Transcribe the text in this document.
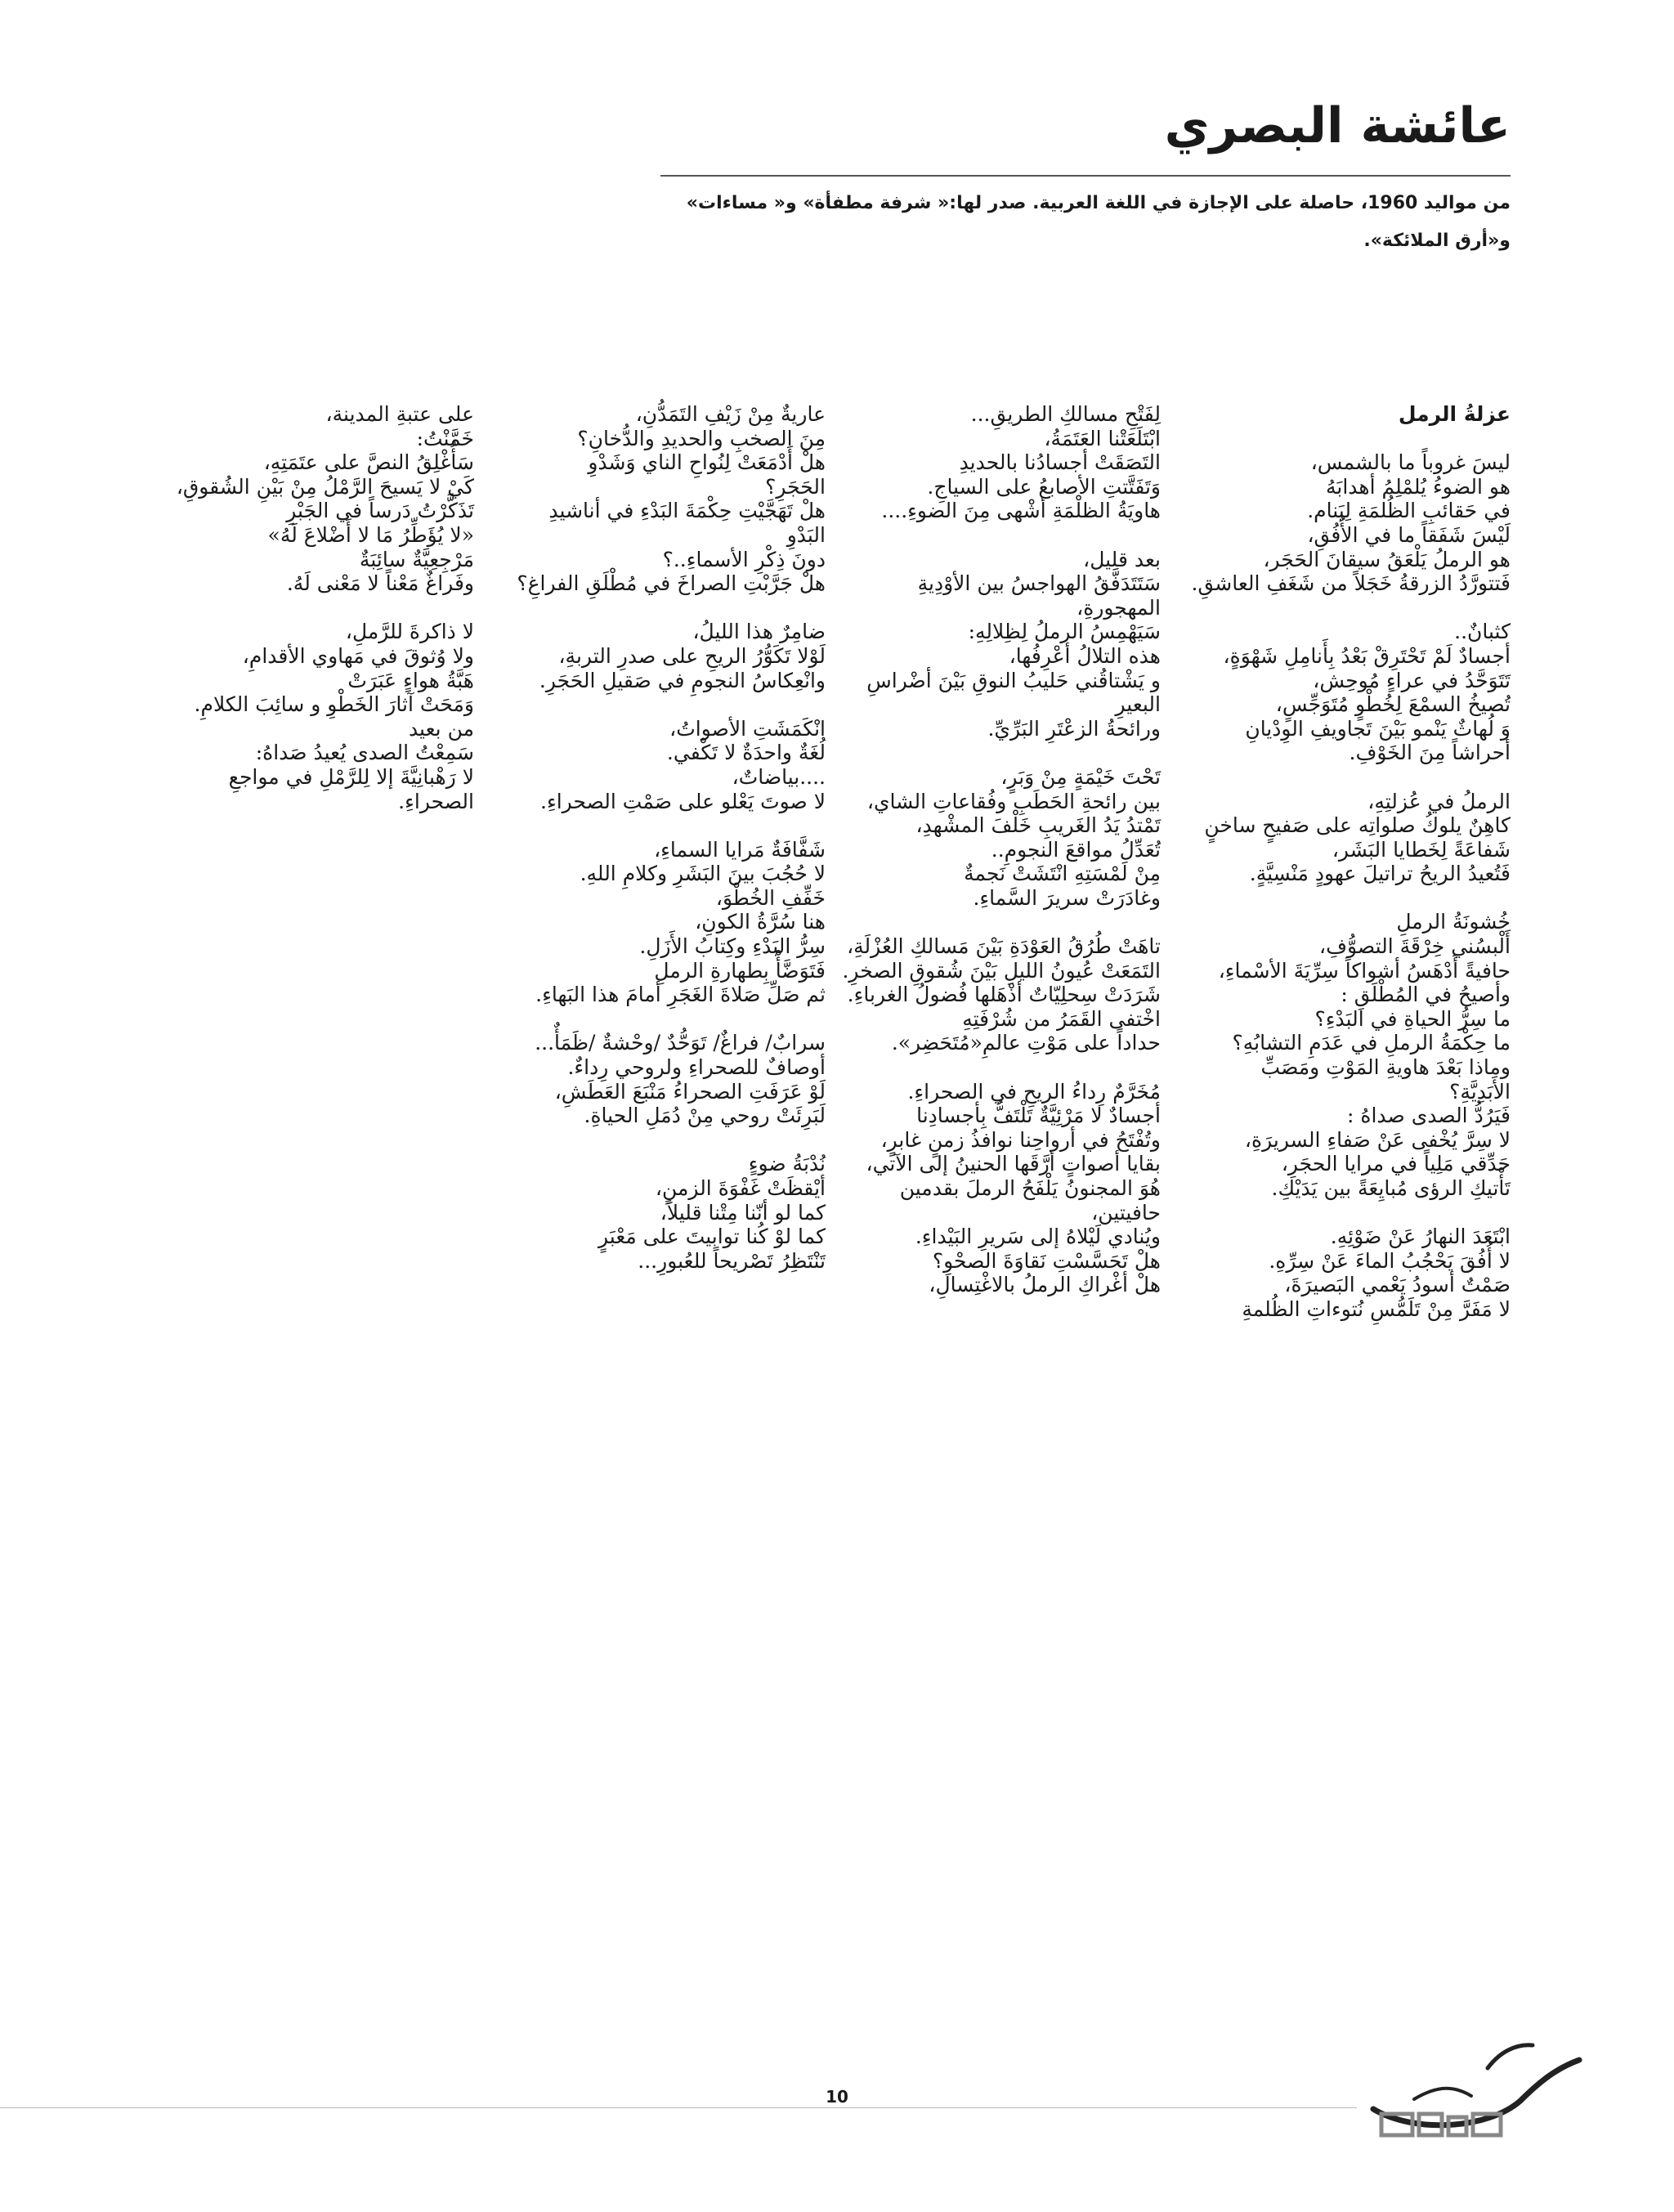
عائشة البصري

من مواليد 1960، حاصلة على الإجازة في اللغة العربية. صدر لها:« شرفة مطفأة» و« مساءات»
و«أرق الملائكة».

عزلةُ الرمل
ليسَ غروباً ما بالشمس،
هو الضوءُ يُلمْلِمُ أهدابَهُ
في حَقائبِ الظُلمَةِ لِيَنام.
لَيْسَ شَفَقاً ما في الأُفُقِ،
هو الرملُ يَلْعَقُ سيقانَ الحَجَر،
فَتتورَّدُ الزرقةُ خَجَلاً من شَغَفِ العاشقِ.
كثبانٌ..
أجسادٌ لَمْ تَحْتَرِقْ بَعْدُ بِأَنامِلِ شَهْوَةٍ،
تَتَوَحَّدُ في عراءٍ مُوحِش،
تُصيخُ السمْعَ لِخُطْوٍ مُتَوَجِّسٍ،
وَ لُهاثٌ يَنْمو بَيْنَ تَجاويفِ الوِدْيانِ
أحراشاً مِنَ الخَوْفِ.
الرملُ في عُزلتِهِ،
كاهِنٌ يلوكُ صلواتِه على صَفيحٍ ساخنٍ
شَفاعَةً لِخَطايا البَشَر،
فَتُعيدُ الريحُ تراتيلَ عهودٍ مَنْسِيَّةٍ.
خُشونَةُ الرملِ
أَلْبسُني خِرْقَةَ التصوُّفِ،
حافيةً أَدْهَسُ أشواكاً سِرِّيَةَ الأسْماءِ،
وأصيحُ في المُطْلَقِ :
ما سِرُّ الحياةِ في البَدْءِ؟
ما حِكْمَةُ الرملِ في عَدَمِ التشابُهِ؟
وماذا بَعْدَ هاويةِ المَوْتِ ومَصَبِّ
الأَبَدِيَّةِ؟
فَيَرُدُّ الصدى صداهُ :
لا سِرَّ يُخْفى عَنْ صَفاءِ السريرَةِ،
حَدِّقي مَلِياً في مرايا الحجَرِ،
تَأْتيكِ الرؤى مُبايِعَةً بين يَدَيْكِ.
ابْتَعَدَ النهارُ عَنْ ضَوْئِهِ.
لا أُفُقَ يَحْجُبُ الماءَ عَنْ سِرِّهِ.
صَمْتٌ أسودُ يَعْمي البَصيرَةَ،
لا مَفَرَّ مِنْ تَلَمُّسِ نُتوءاتِ الظُلمةِ
لِفَتْحِ مسالكِ الطريقِ...
ابْتَلَعَتْنا العَتَمَةُ،
التَصَقَتْ أجسادُنا بالحديدِ
وَتَفَتَّتتِ الأصابعُ على السياجِ.
هاويَةُ الظلْمَةِ أشْهى مِنَ الضوءِ....
بعد قليل،
سَتَتَدَفَّقُ الهواجسُ بين الأوْدِيةِ
المهجورةِ،
سَيَهْمِسُ الرملُ لِظِلالِهِ:
هذه التلالُ أعْرِفُها،
و يَشْتاقُني حَليبُ النوقِ بَيْنَ أضْراسِ
البعيرِ
ورائحةُ الزعْتَرِ البَرِّيِّ.
تَحْتَ خَيْمَةٍ مِنْ وَبَرٍ،
بين رائحةِ الحَطَبِ وفُقاعاتِ الشاي،
تَمْتدُ يَدُ الغَريبِ خَلْفَ المشْهدِ،
تُعَدِّلُ مواقعَ النجومِ..
مِنْ لَمْسَتِهِ انْتَشَتْ نَجمةٌ
وغادَرَتْ سريرَ السَّماءِ.
تاهَتْ طُرُقُ العَوْدَةِ بَيْنَ مَسالكِ العُزْلَةِ،
التَمَعَتْ عُيونُ الليلِ بَيْنَ شُقوقِ الصخرِ.
شَرَدَتْ سِحلِيّاتٌ أذْهَلها فُضولُ الغرباءِ.
اخْتفى القَمَرُ من شُرْفَتِهِ
حداداً على مَوْتِ عالمِ«مُتَحَضِر».
مُخَرَّمٌ رِداءُ الريحِ في الصحراءِ.
أجسادٌ لا مَرْئِيَّةٌ تَلْتَفُّ بِأجسادِنا
وتُفْتَحُ في أرواحِنا نوافذُ زمنٍ غابرٍ،
بقايا أصواتٍ أرَّقَها الحنينُ إلى الآتي،
هُوَ المجنونُ يَلْفَحُ الرملَ بقدمين
حافيتين،
ويُنادي لَيْلاهُ إلى سَريرِ البَيْداءِ.
هلْ تَحَسَّسْتِ نَقاوَةَ الصحْوِ؟
هلْ أغْراكِ الرملُ بالاغْتِسالِ،
عاريةٌ مِنْ زَيْفِ التَمَدُّنِ،
مِنَ الصخبِ والحديدِ والدُّخانِ؟
هلْ أَدْمَعَتْ لِنُواحِ الناي وَشَدْوِ
الحَجَرِ؟
هلْ تَهَجَّيْتِ حِكْمَةَ البَدْءِ في أناشيدِ
البَدْوِ
دونَ ذِكْرِ الأسماءِ..؟
هلْ جَرَّبْتِ الصراخَ في مُطْلَقِ الفراغِ؟
ضامِرٌ هذا الليلُ،
لَوْلا تَكَوُّرُ الريحِ على صدرِ التربةِ،
وانْعِكاسُ النجومِ في صَقيلِ الحَجَرِ.
انْكَمَشَتِ الأصواتُ،
لُغَةٌ واحدَةٌ لا تَكْفي.
....بياضاتٌ،
لا صوتَ يَعْلو على صَمْتِ الصحراءِ.
شَفَّافَةٌ مَرايا السماءِ،
لا حُجُبَ بينَ البَشَرِ وكلامِ اللهِ.
خَفِّفِ الخُطْوَ،
هنا سُرَّةُ الكونِ،
سِرُّ البَدْءِ وكِتابُ الأَزَلِ.
فَتَوَضَّأْ بِطهارةِ الرملِ
ثم صَلِّ صَلاةَ الغَجَرِ أمامَ هذا البَهاءِ.
سرابٌ/ فراغٌ/ تَوَحُّدٌ /وحْشةٌ /ظَمَأٌ...
أوصافٌ للصحراءِ ولروحي رِداءٌ.
لَوْ عَرَفَتِ الصحراءُ مَنْبَعَ العَطَشِ،
لَبَرِئَتْ روحي مِنْ دُمَلِ الحياةِ.
نُدْبَةُ ضوءٍ
أيْقظَتْ غَفْوَةَ الزمنِ،
كما لو أنّنا مِتْنا قليلاً،
كما لوْ كُنا توابيتَ على مَعْبَرٍ
تَنْتَظِرُ تَصْريحاً للعُبورِ...
على عتبةِ المدينة،
خَمَّنْتُ:
سَأُغْلِقُ النصَّ على عتَمَتِهِ،
كَيْ لا يَسيحَ الرَّمْلُ مِنْ بَيْنِ الشُقوقِ،
تَذَكَّرْتُ دَرساً في الجَبْرِ
«لا يُؤَطِّرُ مَا لا أَضْلاعَ لَهُ»
مَرْجِعِيَّةٌ سائِبَةٌ
وفَراغٌ مَعْناً لا مَعْنى لَهُ.
لا ذاكرةَ للرَّملِ،
ولا وُثوقَ في مَهاوي الأقدامِ،
هَبَّةُ هواءٍ عَبَرَتْ
وَمَحَتْ آثارَ الخَطْوِ و سائِبَ الكلامِ.
من بعيد
سَمِعْتُ الصدى يُعيدُ صَداهُ:
لا رَهْبانِيَّةَ إلا لِلرَّمْلِ في مواجعِ
الصحراءِ.
10	كتاب في جريدة
